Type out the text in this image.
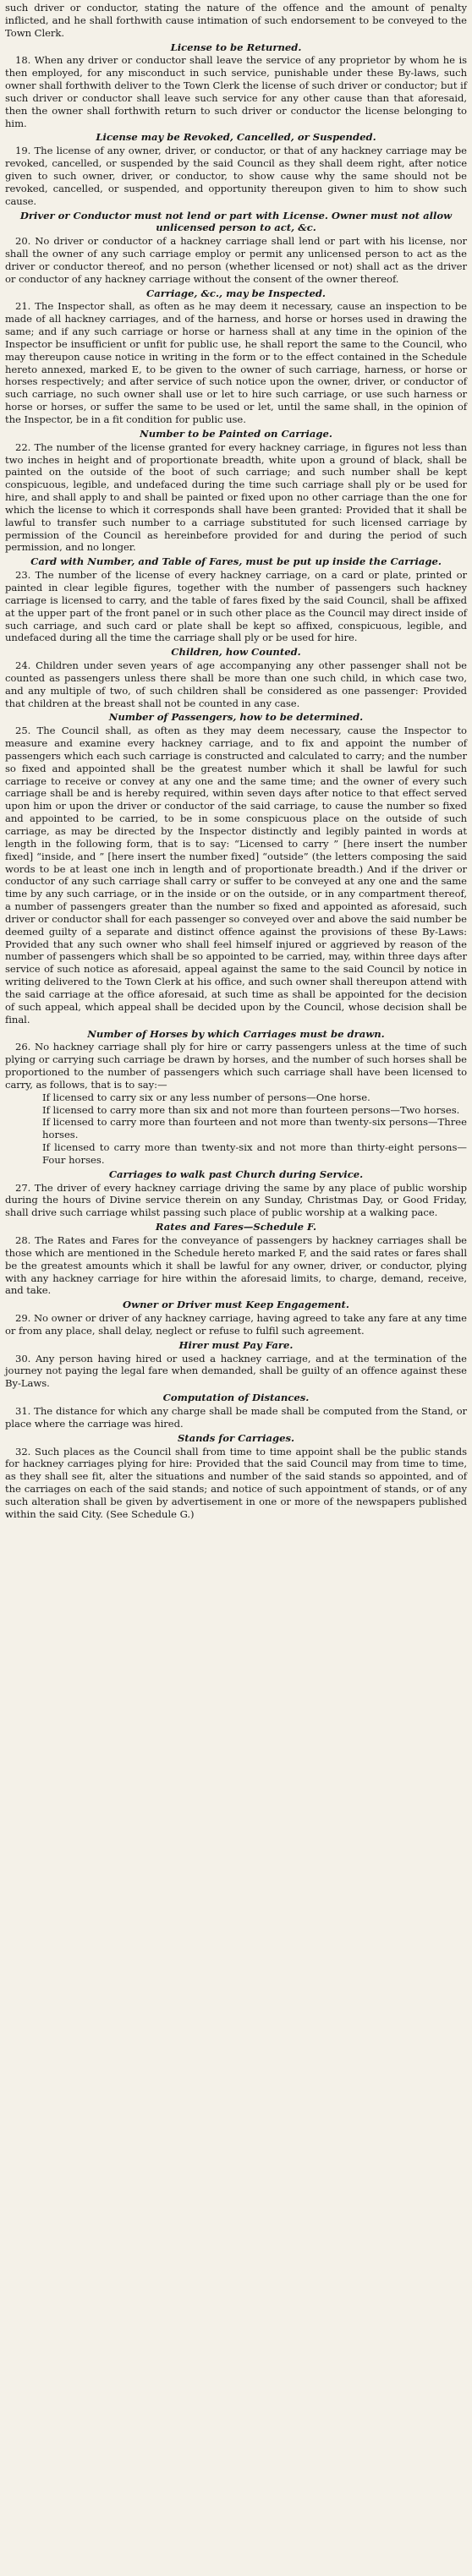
such driver or conductor, stating the nature of the offence and the amount of penalty inflicted, and he shall forthwith cause intimation of such endorsement to be conveyed to the Town Clerk.

License to be Returned.

18. When any driver or conductor shall leave the service of any proprietor by whom he is then employed, for any misconduct in such service, punishable under these By-laws, such owner shall forthwith deliver to the Town Clerk the license of such driver or conductor; but if such driver or conductor shall leave such service for any other cause than that aforesaid, then the owner shall forthwith return to such driver or conductor the license belonging to him.

License may be Revoked, Cancelled, or Suspended.

19. The license of any owner, driver, or conductor, or that of any hackney carriage may be revoked, cancelled, or suspended by the said Council as they shall deem right, after notice given to such owner, driver, or conductor, to show cause why the same should not be revoked, cancelled, or suspended, and opportunity thereupon given to him to show such cause.

Driver or Conductor must not lend or part with License. Owner must not allow unlicensed person to act, &c.

20. No driver or conductor of a hackney carriage shall lend or part with his license, nor shall the owner of any such carriage employ or permit any unlicensed person to act as the driver or conductor thereof, and no person (whether licensed or not) shall act as the driver or conductor of any hackney carriage without the consent of the owner thereof.

Carriage, &c., may be Inspected.

21. The Inspector shall, as often as he may deem it necessary, cause an inspection to be made of all hackney carriages, and of the harness, and horse or horses used in drawing the same; and if any such carriage or horse or harness shall at any time in the opinion of the Inspector be insufficient or unfit for public use, he shall report the same to the Council, who may thereupon cause notice in writing in the form or to the effect contained in the Schedule hereto annexed, marked E, to be given to the owner of such carriage, harness, or horse or horses respectively; and after service of such notice upon the owner, driver, or conductor of such carriage, no such owner shall use or let to hire such carriage, or use such harness or horse or horses, or suffer the same to be used or let, until the same shall, in the opinion of the Inspector, be in a fit condition for public use.

Number to be Painted on Carriage.

22. The number of the license granted for every hackney carriage, in figures not less than two inches in height and of proportionate breadth, white upon a ground of black, shall be painted on the outside of the boot of such carriage; and such number shall be kept conspicuous, legible, and undefaced during the time such carriage shall ply or be used for hire, and shall apply to and shall be painted or fixed upon no other carriage than the one for which the license to which it corresponds shall have been granted: Provided that it shall be lawful to transfer such number to a carriage substituted for such licensed carriage by permission of the Council as hereinbefore provided for and during the period of such permission, and no longer.

Card with Number, and Table of Fares, must be put up inside the Carriage.

23. The number of the license of every hackney carriage, on a card or plate, printed or painted in clear legible figures, together with the number of passengers such hackney carriage is licensed to carry, and the table of fares fixed by the said Council, shall be affixed at the upper part of the front panel or in such other place as the Council may direct inside of such carriage, and such card or plate shall be kept so affixed, conspicuous, legible, and undefaced during all the time the carriage shall ply or be used for hire.

Children, how Counted.

24. Children under seven years of age accompanying any other passenger shall not be counted as passengers unless there shall be more than one such child, in which case two, and any multiple of two, of such children shall be considered as one passenger: Provided that children at the breast shall not be counted in any case.

Number of Passengers, how to be determined.

25. The Council shall, as often as they may deem necessary, cause the Inspector to measure and examine every hackney carriage, and to fix and appoint the number of passengers which each such carriage is constructed and calculated to carry; and the number so fixed and appointed shall be the greatest number which it shall be lawful for such carriage to receive or convey at any one and the same time; and the owner of every such carriage shall be and is hereby required, within seven days after notice to that effect served upon him or upon the driver or conductor of the said carriage, to cause the number so fixed and appointed to be carried, to be in some conspicuous place on the outside of such carriage, as may be directed by the Inspector distinctly and legibly painted in words at length in the following form, that is to say: “Licensed to carry ” [here insert the number fixed] “inside, and ” [here insert the number fixed] “outside” (the letters composing the said words to be at least one inch in length and of proportionate breadth.) And if the driver or conductor of any such carriage shall carry or suffer to be conveyed at any one and the same time by any such carriage, or in the inside or on the outside, or in any compartment thereof, a number of passengers greater than the number so fixed and appointed as aforesaid, such driver or conductor shall for each passenger so conveyed over and above the said number be deemed guilty of a separate and distinct offence against the provisions of these By-Laws: Provided that any such owner who shall feel himself injured or aggrieved by reason of the number of passengers which shall be so appointed to be carried, may, within three days after service of such notice as aforesaid, appeal against the same to the said Council by notice in writing delivered to the Town Clerk at his office, and such owner shall thereupon attend with the said carriage at the office aforesaid, at such time as shall be appointed for the decision of such appeal, which appeal shall be decided upon by the Council, whose decision shall be final.

Number of Horses by which Carriages must be drawn.

26. No hackney carriage shall ply for hire or carry passengers unless at the time of such plying or carrying such carriage be drawn by horses, and the number of such horses shall be proportioned to the number of passengers which such carriage shall have been licensed to carry, as follows, that is to say:—

If licensed to carry six or any less number of persons—One horse.

If licensed to carry more than six and not more than fourteen persons—Two horses.

If licensed to carry more than fourteen and not more than twenty-six persons—Three horses.

If licensed to carry more than twenty-six and not more than thirty-eight persons—Four horses.

Carriages to walk past Church during Service.

27. The driver of every hackney carriage driving the same by any place of public worship during the hours of Divine service therein on any Sunday, Christmas Day, or Good Friday, shall drive such carriage whilst passing such place of public worship at a walking pace.

Rates and Fares—Schedule F.

28. The Rates and Fares for the conveyance of passengers by hackney carriages shall be those which are mentioned in the Schedule hereto marked F, and the said rates or fares shall be the greatest amounts which it shall be lawful for any owner, driver, or conductor, plying with any hackney carriage for hire within the aforesaid limits, to charge, demand, receive, and take.

Owner or Driver must Keep Engagement.

29. No owner or driver of any hackney carriage, having agreed to take any fare at any time or from any place, shall delay, neglect or refuse to fulfil such agreement.

Hirer must Pay Fare.

30. Any person having hired or used a hackney carriage, and at the termination of the journey not paying the legal fare when demanded, shall be guilty of an offence against these By-Laws.

Computation of Distances.

31. The distance for which any charge shall be made shall be computed from the Stand, or place where the carriage was hired.

Stands for Carriages.

32. Such places as the Council shall from time to time appoint shall be the public stands for hackney carriages plying for hire: Provided that the said Council may from time to time, as they shall see fit, alter the situations and number of the said stands so appointed, and of the carriages on each of the said stands; and notice of such appointment of stands, or of any such alteration shall be given by advertisement in one or more of the newspapers published within the said City. (See Schedule G.)
